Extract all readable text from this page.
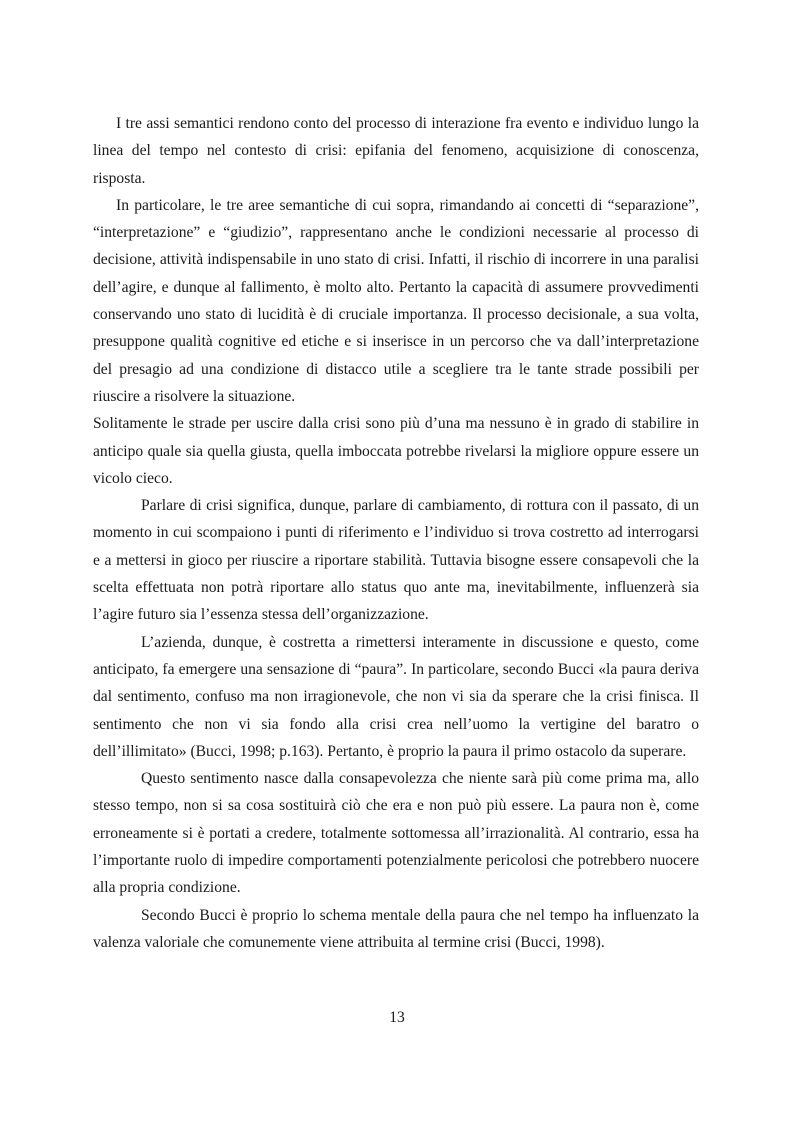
I tre assi semantici rendono conto del processo di interazione fra evento e individuo lungo la linea del tempo nel contesto di crisi: epifania del fenomeno, acquisizione di conoscenza, risposta.

In particolare, le tre aree semantiche di cui sopra, rimandando ai concetti di “separazione”, “interpretazione” e “giudizio”, rappresentano anche le condizioni necessarie al processo di decisione, attività indispensabile in uno stato di crisi. Infatti, il rischio di incorrere in una paralisi dell’agire, e dunque al fallimento, è molto alto. Pertanto la capacità di assumere provvedimenti conservando uno stato di lucidità è di cruciale importanza. Il processo decisionale, a sua volta, presuppone qualità cognitive ed etiche e si inserisce in un percorso che va dall’interpretazione del presagio ad una condizione di distacco utile a scegliere tra le tante strade possibili per riuscire a risolvere la situazione.

Solitamente le strade per uscire dalla crisi sono più d’una ma nessuno è in grado di stabilire in anticipo quale sia quella giusta, quella imboccata potrebbe rivelarsi la migliore oppure essere un vicolo cieco.

Parlare di crisi significa, dunque, parlare di cambiamento, di rottura con il passato, di un momento in cui scompaiono i punti di riferimento e l’individuo si trova costretto ad interrogarsi e a mettersi in gioco per riuscire a riportare stabilità. Tuttavia bisogne essere consapevoli che la scelta effettuata non potrà riportare allo status quo ante ma, inevitabilmente, influenzerà sia l’agire futuro sia l’essenza stessa dell’organizzazione.

L’azienda, dunque, è costretta a rimettersi interamente in discussione e questo, come anticipato, fa emergere una sensazione di “paura”. In particolare, secondo Bucci «la paura deriva dal sentimento, confuso ma non irragionevole, che non vi sia da sperare che la crisi finisca. Il sentimento che non vi sia fondo alla crisi crea nell’uomo la vertigine del baratro o dell’illimitato» (Bucci, 1998; p.163). Pertanto, è proprio la paura il primo ostacolo da superare.

Questo sentimento nasce dalla consapevolezza che niente sarà più come prima ma, allo stesso tempo, non si sa cosa sostituirà ciò che era e non può più essere. La paura non è, come erroneamente si è portati a credere, totalmente sottomessa all’irrazionalità. Al contrario, essa ha l’importante ruolo di impedire comportamenti potenzialmente pericolosi che potrebbero nuocere alla propria condizione.

Secondo Bucci è proprio lo schema mentale della paura che nel tempo ha influenzato la valenza valoriale che comunemente viene attribuita al termine crisi (Bucci, 1998).

13
